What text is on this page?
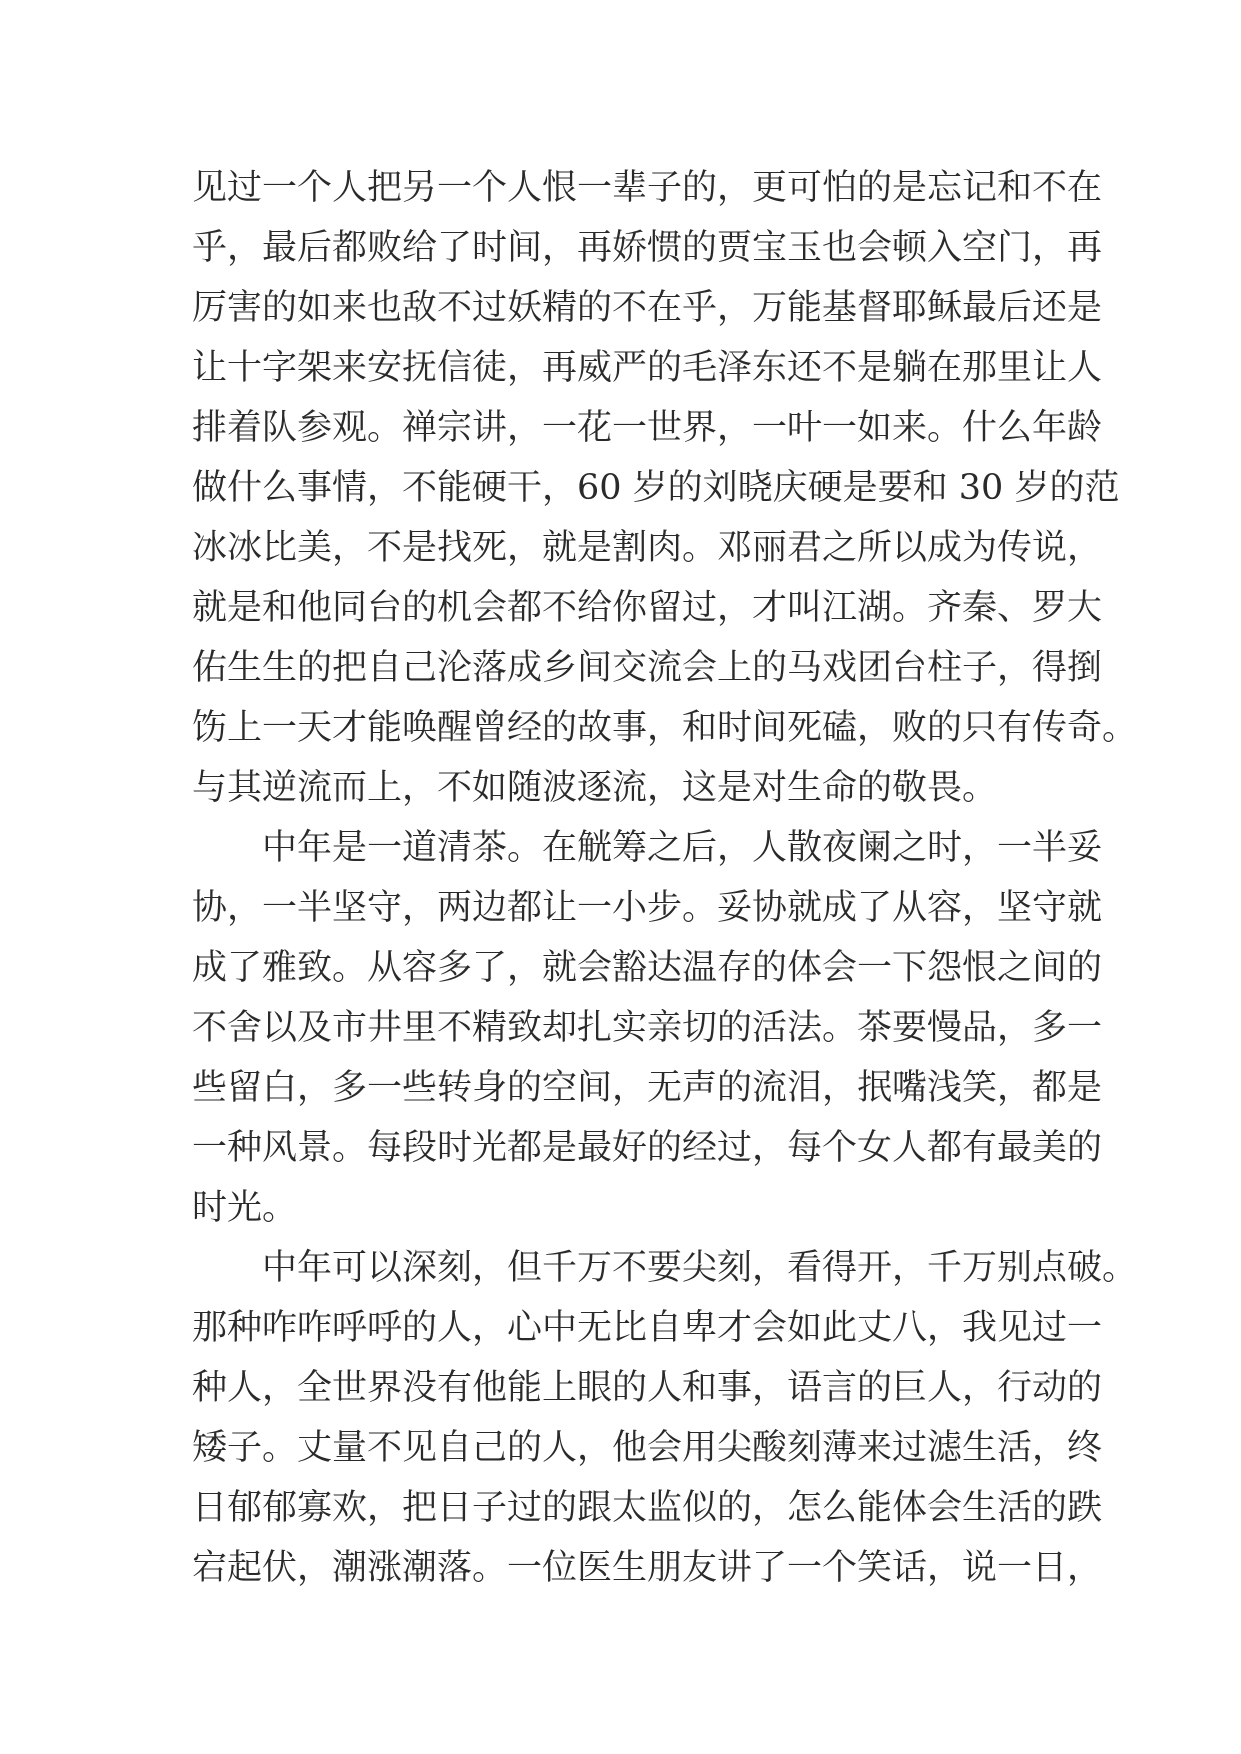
见过一个人把另一个人恨一辈子的，更可怕的是忘记和不在
乎，最后都败给了时间，再娇惯的贾宝玉也会顿入空门，再
厉害的如来也敌不过妖精的不在乎，万能基督耶稣最后还是
让十字架来安抚信徒，再威严的毛泽东还不是躺在那里让人
排着队参观。禅宗讲，一花一世界，一叶一如来。什么年龄
做什么事情，不能硬干，60 岁的刘晓庆硬是要和 30 岁的范
冰冰比美，不是找死，就是割肉。邓丽君之所以成为传说，
就是和他同台的机会都不给你留过，才叫江湖。齐秦、罗大
佑生生的把自己沦落成乡间交流会上的马戏团台柱子，得捯
饬上一天才能唤醒曾经的故事，和时间死磕，败的只有传奇。
与其逆流而上，不如随波逐流，这是对生命的敬畏。
中年是一道清茶。在觥筹之后，人散夜阑之时，一半妥
协，一半坚守，两边都让一小步。妥协就成了从容，坚守就
成了雅致。从容多了，就会豁达温存的体会一下怨恨之间的
不舍以及市井里不精致却扎实亲切的活法。茶要慢品，多一
些留白，多一些转身的空间，无声的流泪，抿嘴浅笑，都是
一种风景。每段时光都是最好的经过，每个女人都有最美的
时光。
中年可以深刻，但千万不要尖刻，看得开，千万别点破。
那种咋咋呼呼的人，心中无比自卑才会如此丈八，我见过一
种人，全世界没有他能上眼的人和事，语言的巨人，行动的
矮子。丈量不见自己的人，他会用尖酸刻薄来过滤生活，终
日郁郁寡欢，把日子过的跟太监似的，怎么能体会生活的跌
宕起伏，潮涨潮落。一位医生朋友讲了一个笑话，说一日，
